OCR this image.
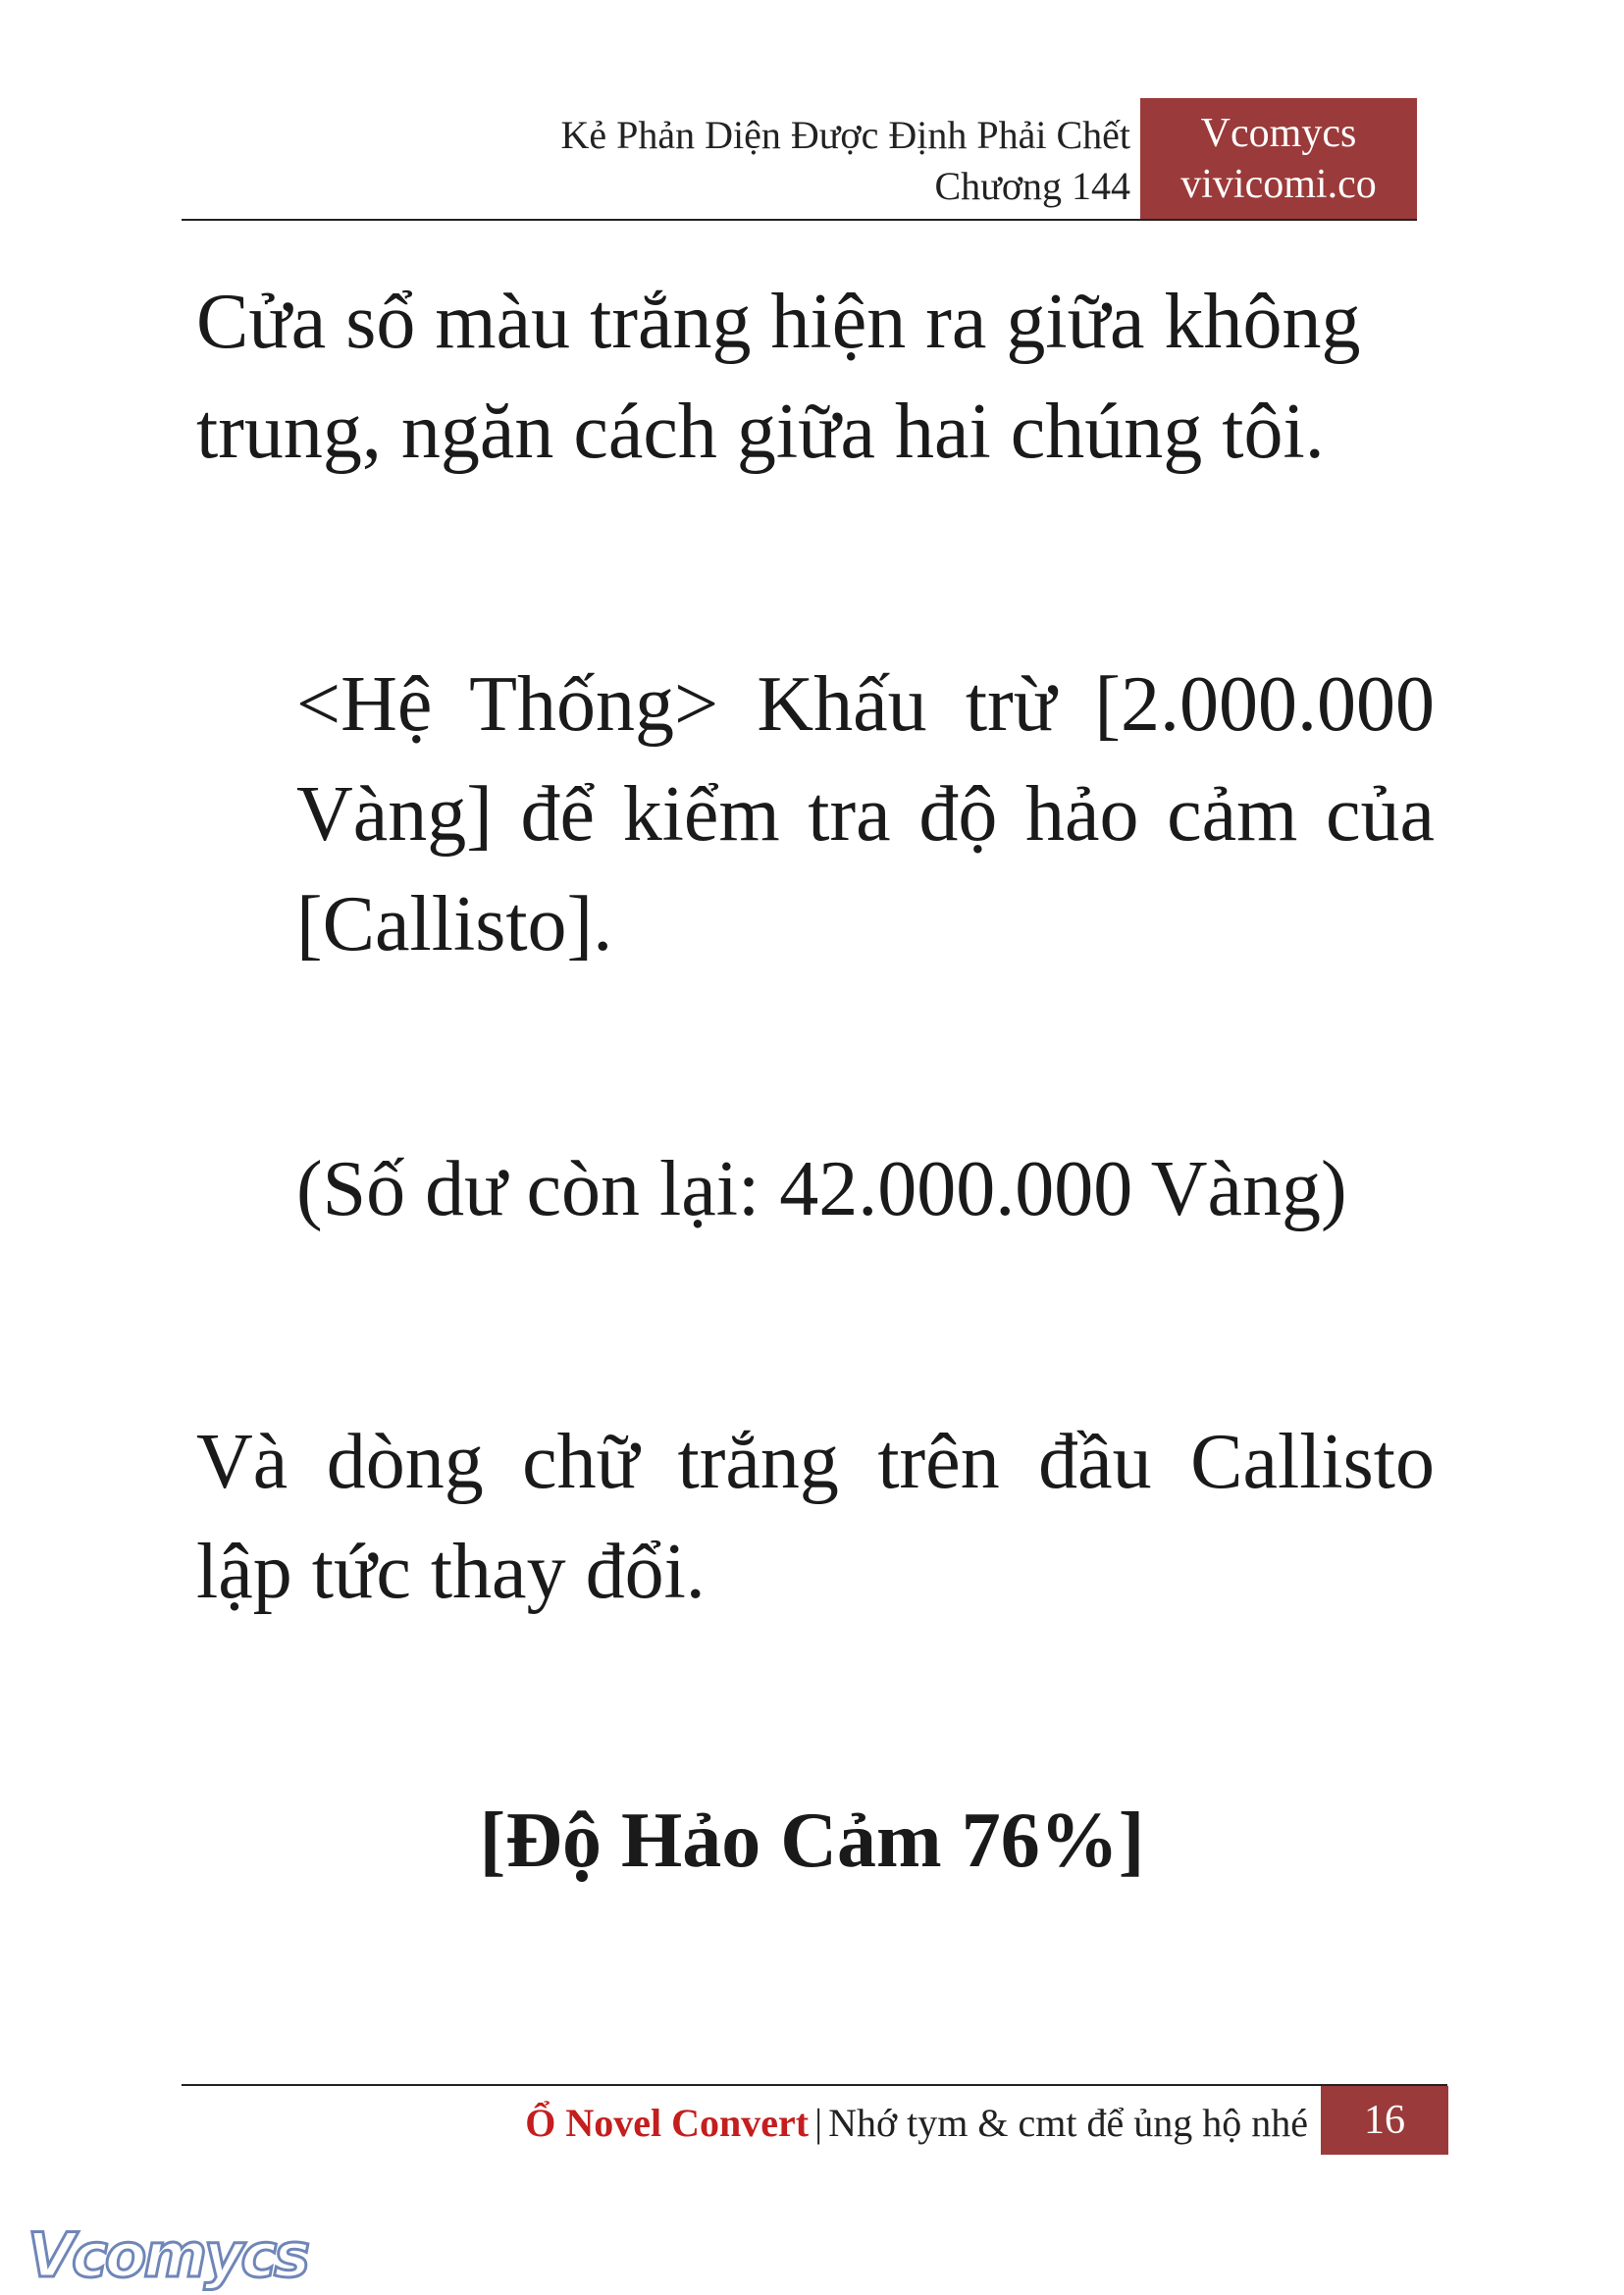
Kẻ Phản Diện Được Định Phải Chết
Chương 144
Vcomycs
vivicomi.co

Cửa sổ màu trắng hiện ra giữa không trung, ngăn cách giữa hai chúng tôi.

<Hệ Thống> Khấu trừ [2.000.000 Vàng] để kiểm tra độ hảo cảm của [Callisto].

(Số dư còn lại: 42.000.000 Vàng)

Và dòng chữ trắng trên đầu Callisto lập tức thay đổi.

[Độ Hảo Cảm 76%]

Ổ Novel Convert | Nhớ tym & cmt để ủng hộ nhé	16
Vcomycs
